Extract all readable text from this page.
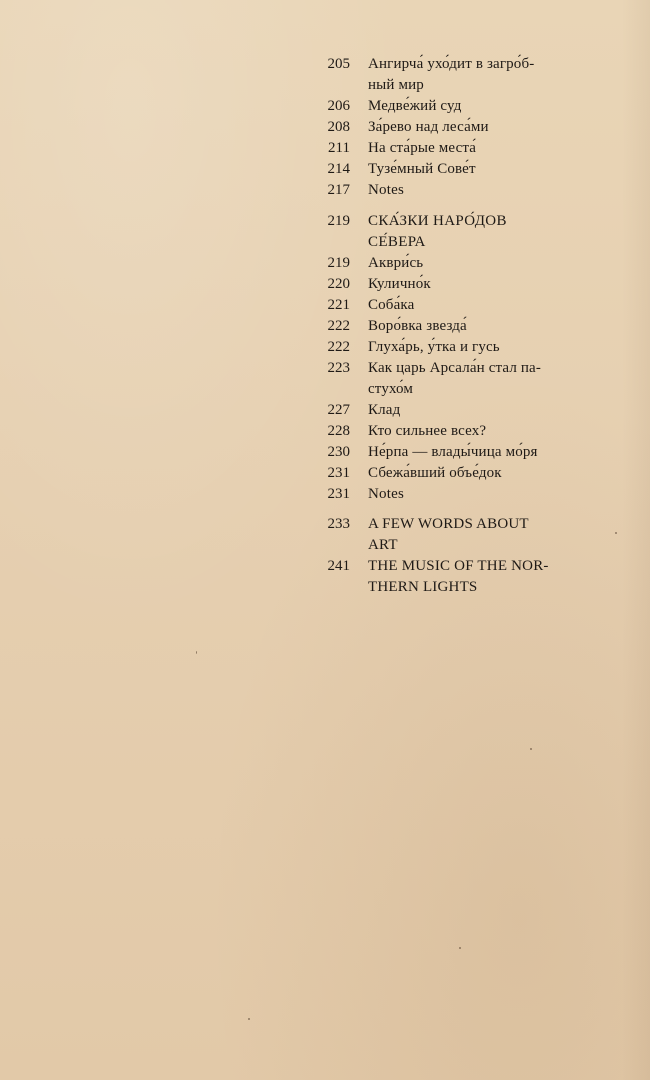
205 Ангирча́ ухо́дит в загро́б-
ный мир
206 Медве́жий суд
208 За́рево над леса́ми
211 На ста́рые места́
214 Тузе́мный Сове́т
217 Notes
219 СКА́ЗКИ НАРО́ДОВ
СЕ́ВЕРА
219 Акври́сь
220 Кулично́к
221 Соба́ка
222 Воро́вка звезда́
222 Глуха́рь, у́тка и гусь
223 Как царь Арсала́н стал па-
стухо́м
227 Клад
228 Кто сильнее всех?
230 Не́рпа — влады́чица мо́ря
231 Сбежа́вший объе́док
231 Notes
233 A FEW WORDS ABOUT
ART
241 THE MUSIC OF THE NOR-
THERN LIGHTS
